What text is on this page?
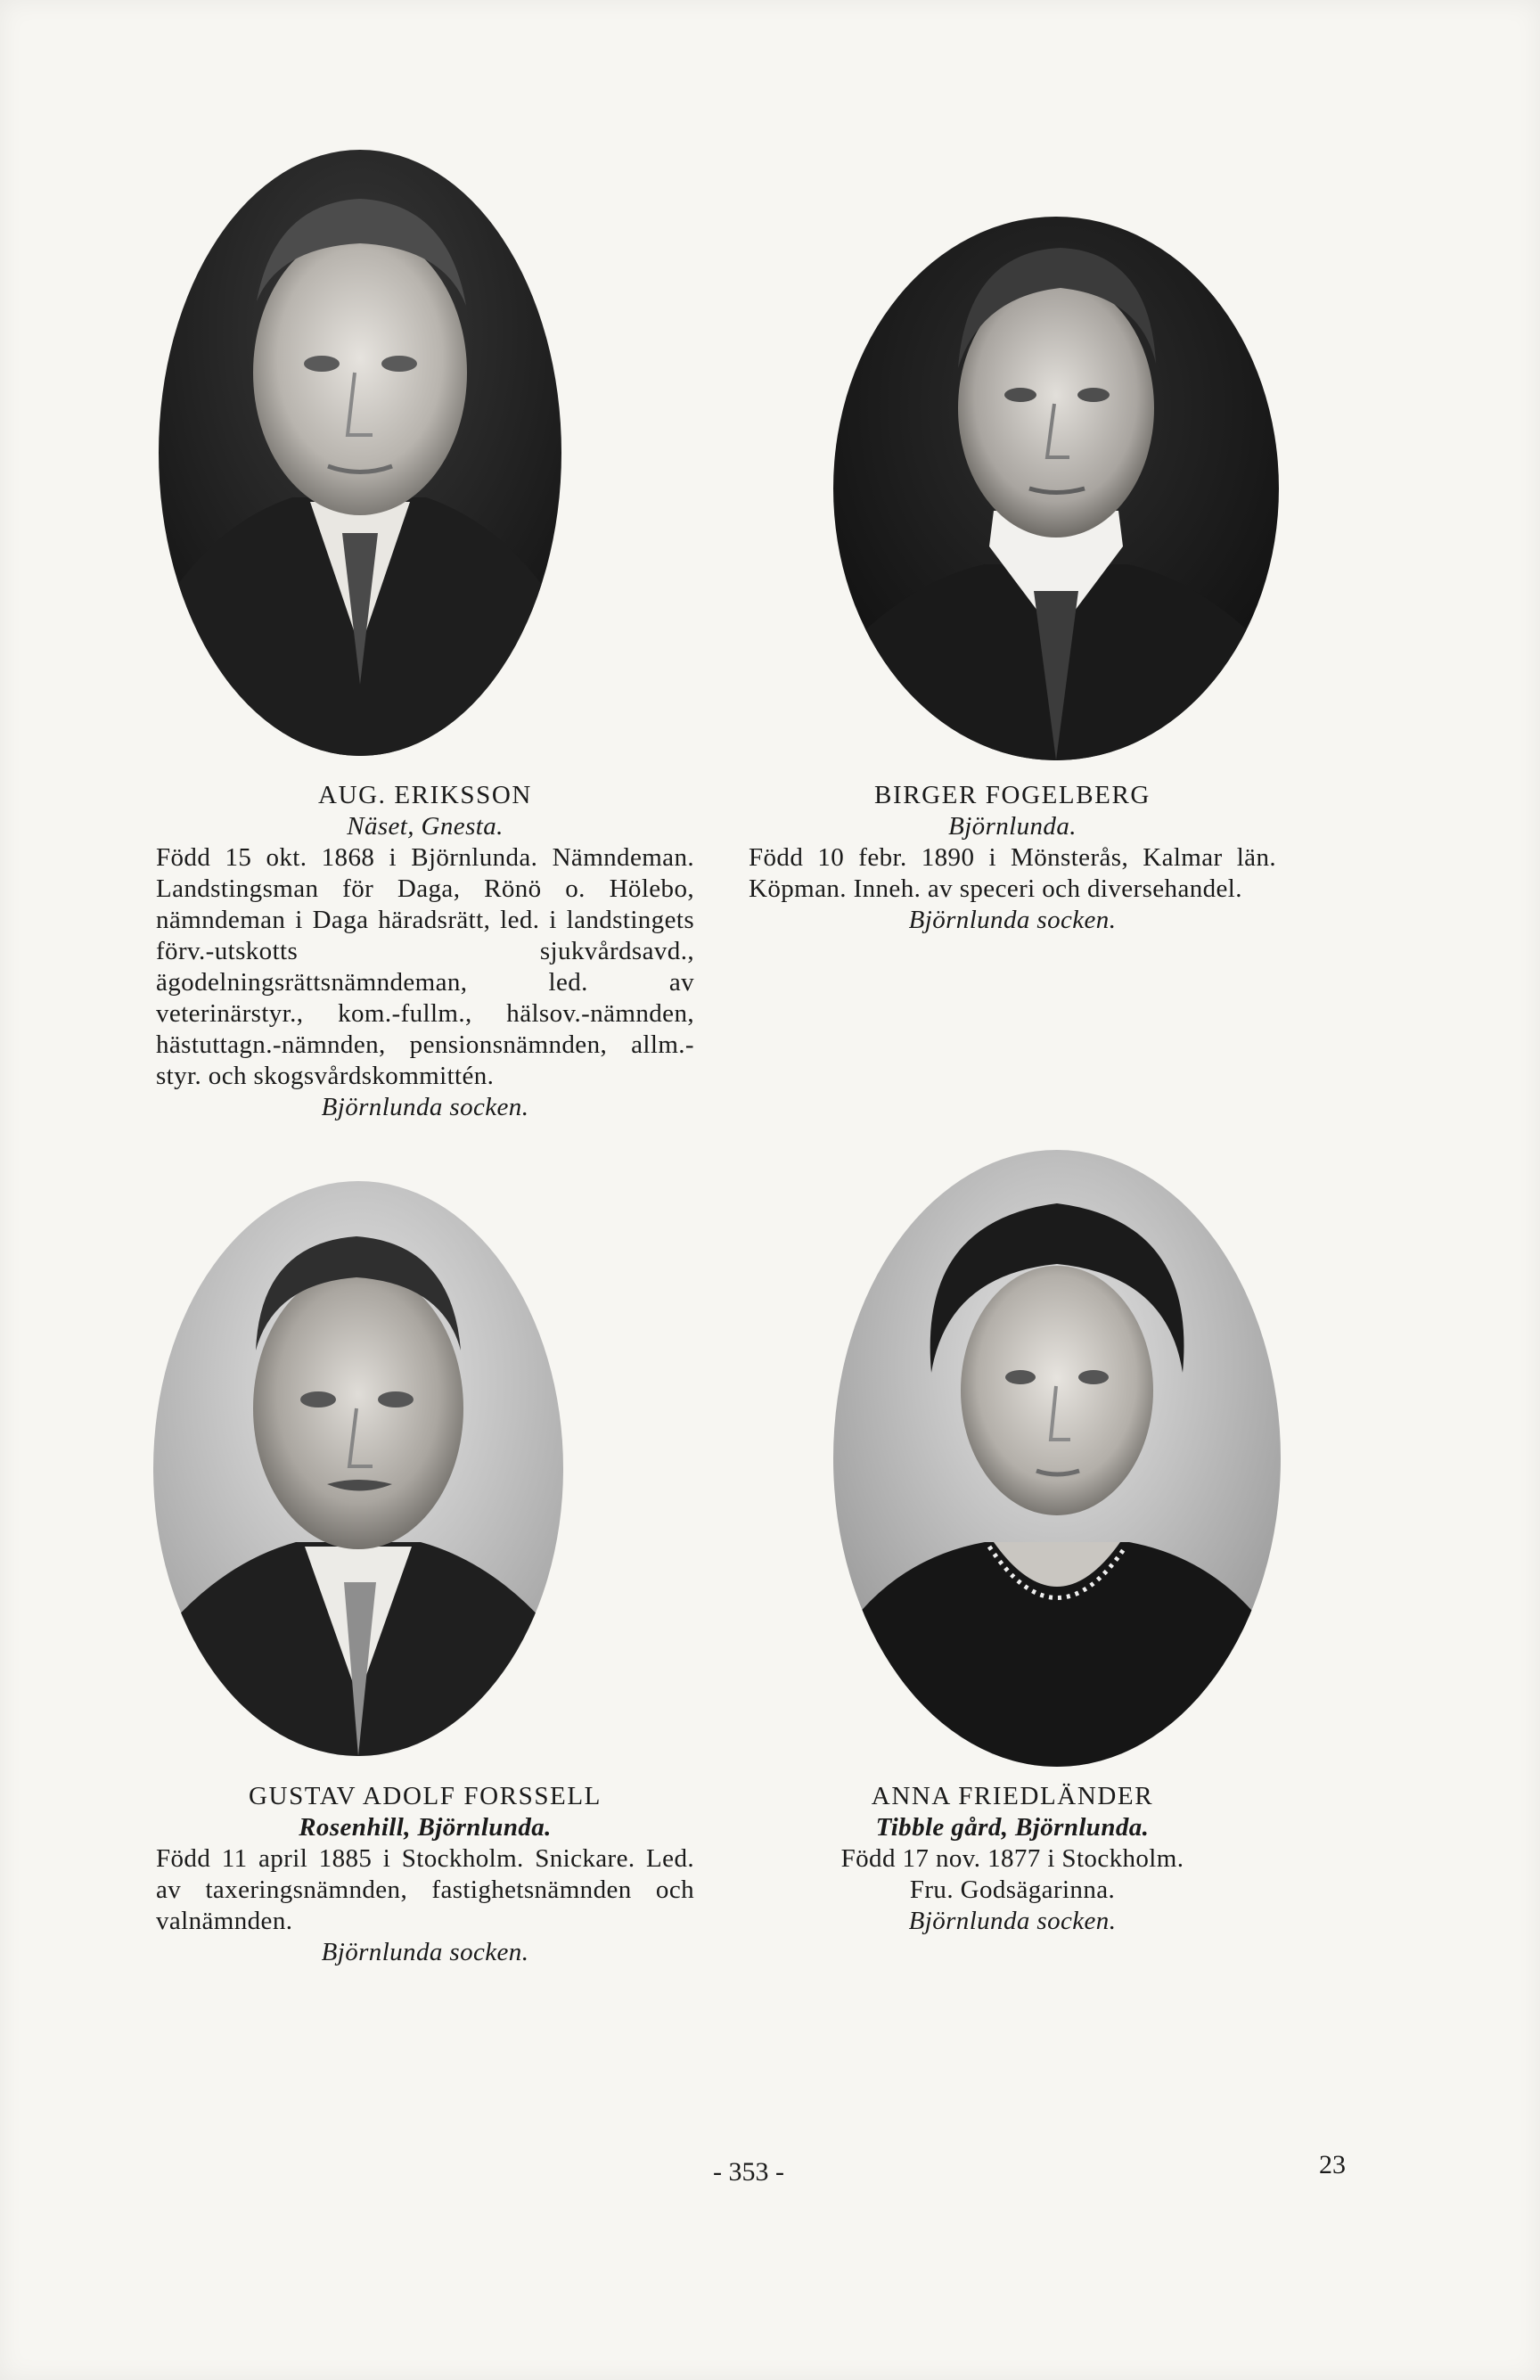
AUG. ERIKSSON
Näset, Gnesta.
Född 15 okt. 1868 i Björnlunda. Nämndeman. Landstingsman för Daga, Rönö o. Hölebo, nämndeman i Daga häradsrätt, led. i landstingets förv.-utskotts sjukvårdsavd., ägodelningsrättsnämndeman, led. av veterinärstyr., kom.-fullm., hälsov.-nämnden, hästuttagn.-nämnden, pensionsnämnden, allm.-styr. och skogsvårdskommittén.
Björnlunda socken.
BIRGER FOGELBERG
Björnlunda.
Född 10 febr. 1890 i Mönsterås, Kalmar län. Köpman. Inneh. av speceri och diversehandel.
Björnlunda socken.
GUSTAV ADOLF FORSSELL
Rosenhill, Björnlunda.
Född 11 april 1885 i Stockholm. Snickare. Led. av taxeringsnämnden, fastighetsnämnden och valnämnden.
Björnlunda socken.
ANNA FRIEDLÄNDER
Tibble gård, Björnlunda.
Född 17 nov. 1877 i Stockholm.
Fru. Godsägarinna.
Björnlunda socken.
- 353 -	23
